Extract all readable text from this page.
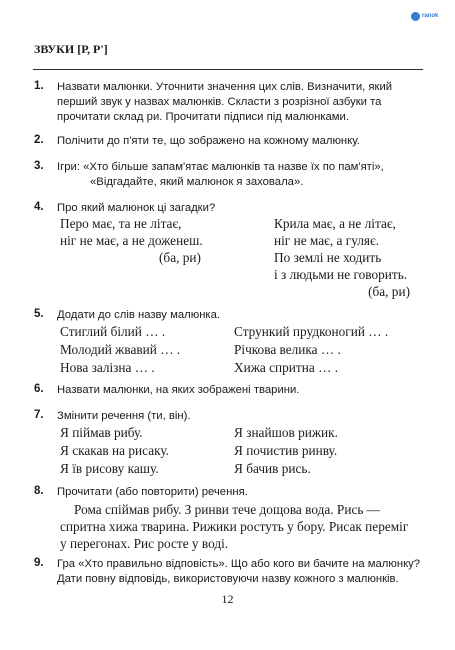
ranok
ЗВУКИ [Р, Р']
1. Назвати малюнки. Уточнити значення цих слів. Визначити, який
перший звук у назвах малюнків. Скласти з розрізної азбуки та
прочитати склад ри. Прочитати підписи під малюнками.
2. Полічити до п'яти те, що зображено на кожному малюнку.
3. Ігри: «Хто більше запам'ятає малюнків та назве їх по пам'яті»,
«Відгадайте, який малюнок я заховала».
4. Про який малюнок ці загадки?
Перо має, та не літає,
ніг не має, а не доженеш.
(ба, ри)
Крила має, а не літає,
ніг не має, а гуляє.
По землі не ходить
і з людьми не говорить.
(ба, ри)
5. Додати до слів назву малюнка.
Стиглий білий … .
Молодий жвавий … .
Нова залізна … .
Стрункий прудконогий … .
Річкова велика … .
Хижа спритна … .
6. Назвати малюнки, на яких зображені тварини.
7. Змінити речення (ти, він).
Я піймав рибу.
Я скакав на рисаку.
Я їв рисову кашу.
Я знайшов рижик.
Я почистив ринву.
Я бачив рись.
8. Прочитати (або повторити) речення.
Рома спіймав рибу. З ринви тече дощова вода. Рись —
спритна хижа тварина. Рижики ростуть у бору. Рисак переміг
у перегонах. Рис росте у воді.
9. Гра «Хто правильно відповість». Що або кого ви бачите на малюнку?
Дати повну відповідь, використовуючи назву кожного з малюнків.
12
